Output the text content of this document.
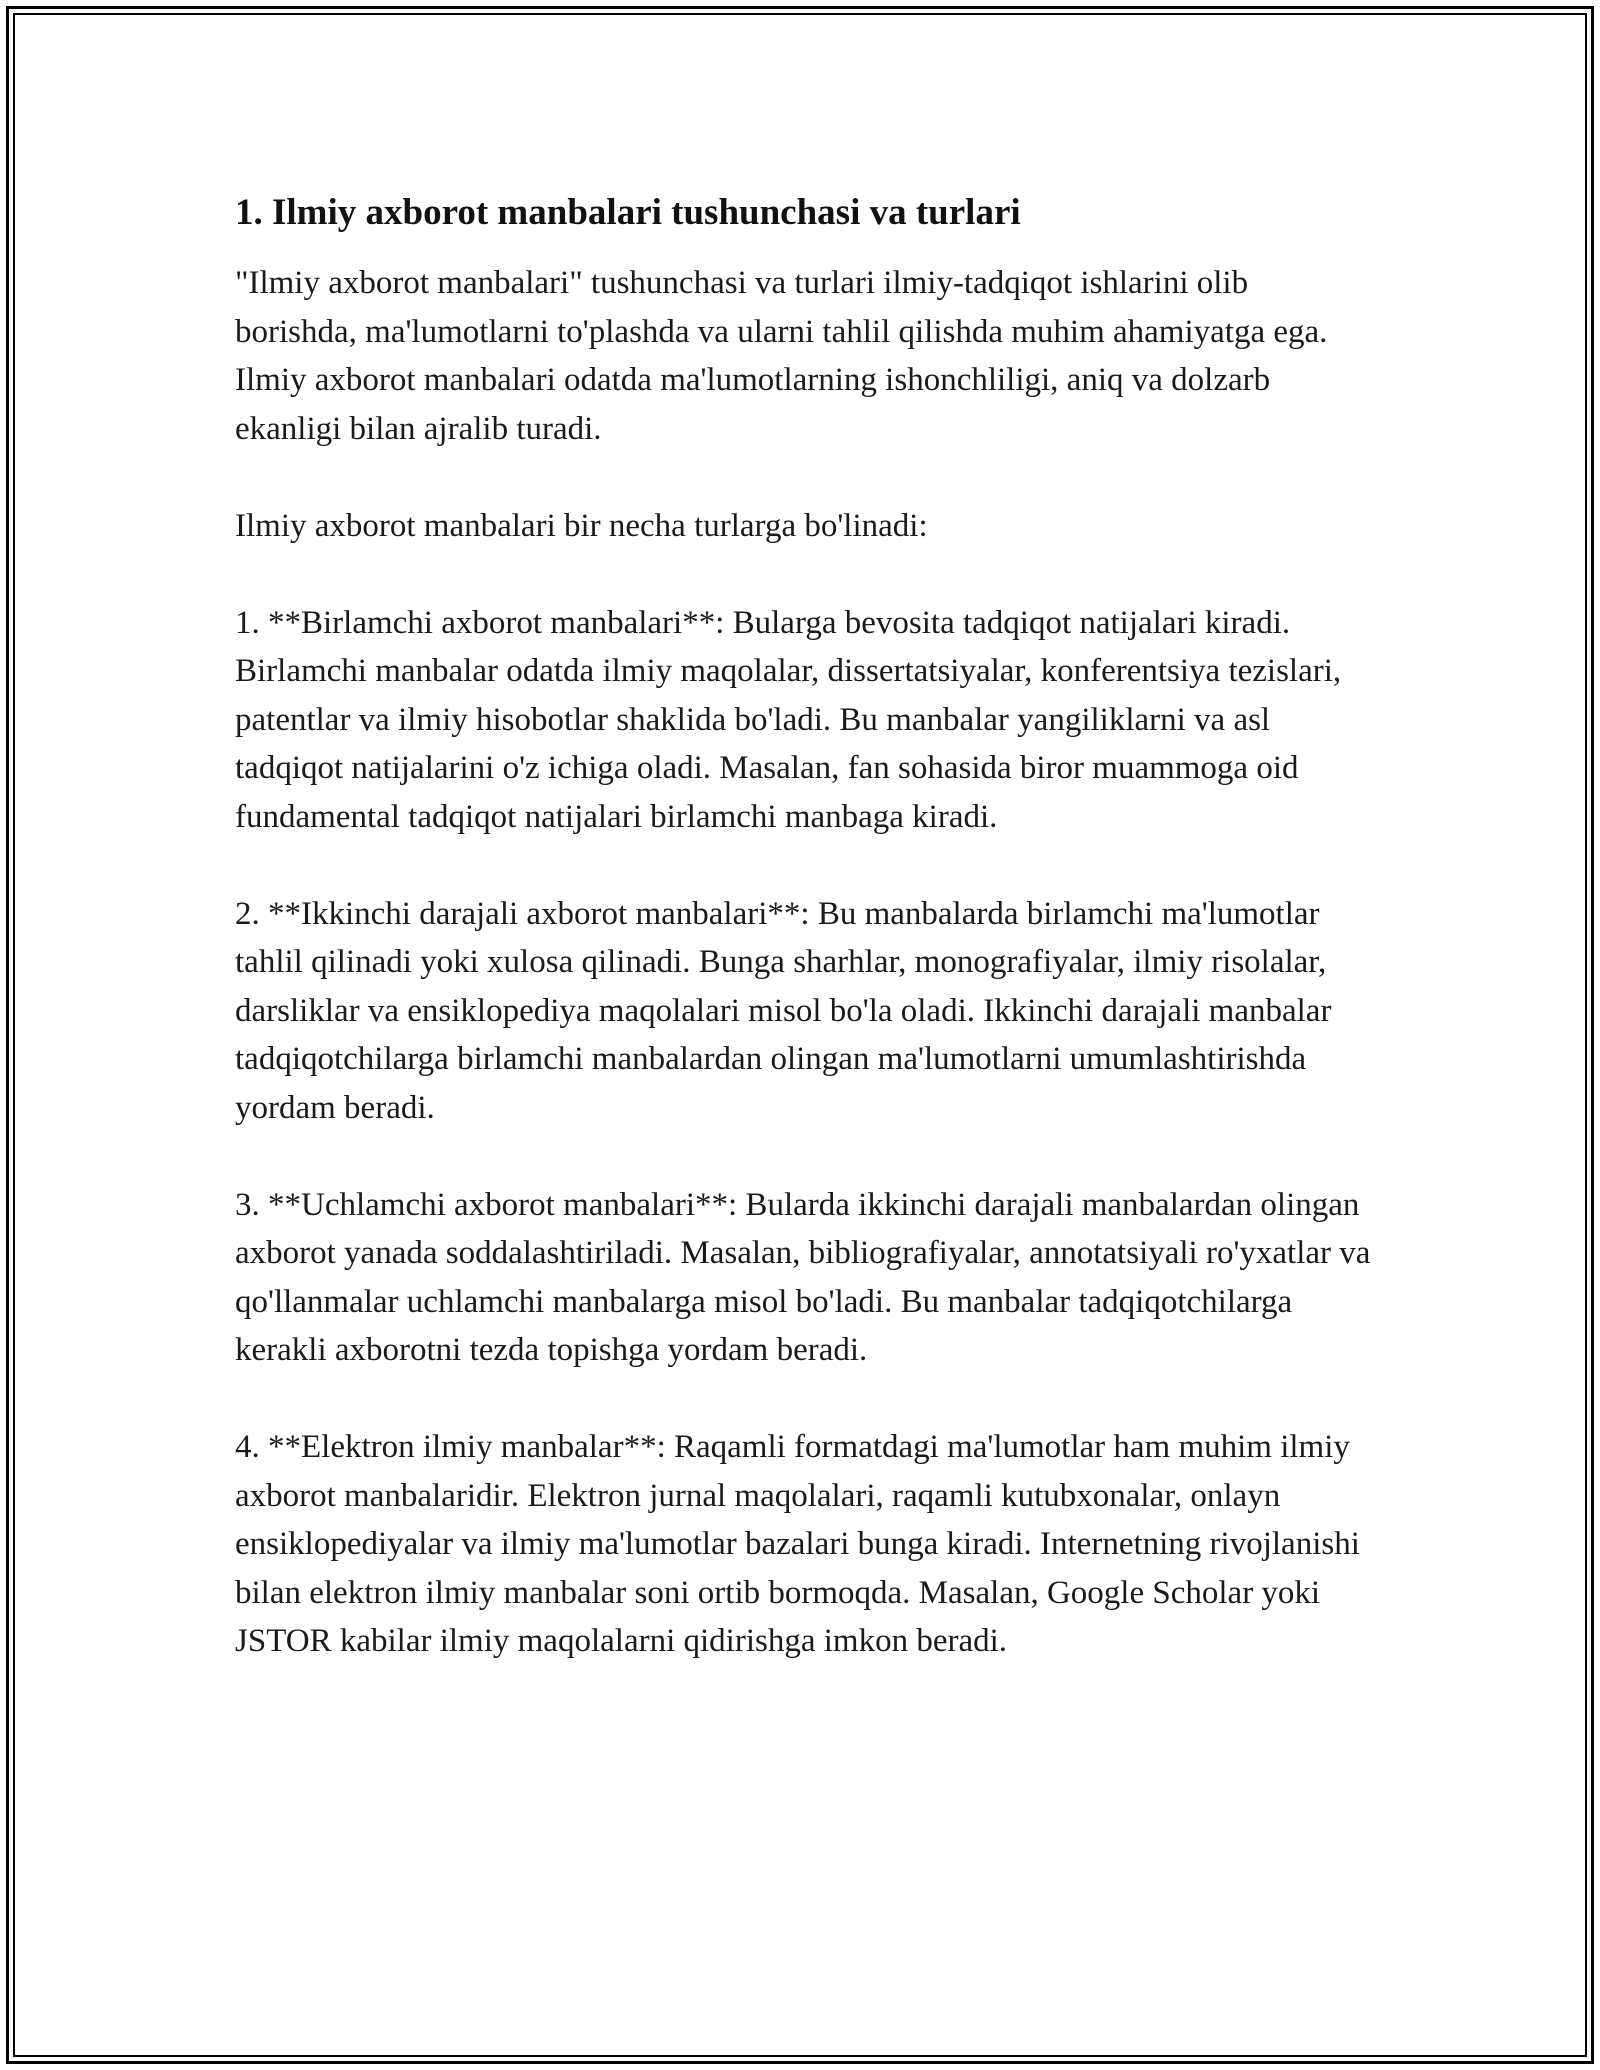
1. Ilmiy axborot manbalari tushunchasi va turlari

"Ilmiy axborot manbalari" tushunchasi va turlari ilmiy-tadqiqot ishlarini olib borishda, ma'lumotlarni to'plashda va ularni tahlil qilishda muhim ahamiyatga ega. Ilmiy axborot manbalari odatda ma'lumotlarning ishonchliligi, aniq va dolzarb ekanligi bilan ajralib turadi.

Ilmiy axborot manbalari bir necha turlarga bo'linadi:

1. **Birlamchi axborot manbalari**: Bularga bevosita tadqiqot natijalari kiradi. Birlamchi manbalar odatda ilmiy maqolalar, dissertatsiyalar, konferentsiya tezislari, patentlar va ilmiy hisobotlar shaklida bo'ladi. Bu manbalar yangiliklarni va asl tadqiqot natijalarini o'z ichiga oladi. Masalan, fan sohasida biror muammoga oid fundamental tadqiqot natijalari birlamchi manbaga kiradi.

2. **Ikkinchi darajali axborot manbalari**: Bu manbalarda birlamchi ma'lumotlar tahlil qilinadi yoki xulosa qilinadi. Bunga sharhlar, monografiyalar, ilmiy risolalar, darsliklar va ensiklopediya maqolalari misol bo'la oladi. Ikkinchi darajali manbalar tadqiqotchilarga birlamchi manbalardan olingan ma'lumotlarni umumlashtirishda yordam beradi.

3. **Uchlamchi axborot manbalari**: Bularda ikkinchi darajali manbalardan olingan axborot yanada soddalashtiriladi. Masalan, bibliografiyalar, annotatsiyali ro'yxatlar va qo'llanmalar uchlamchi manbalarga misol bo'ladi. Bu manbalar tadqiqotchilarga kerakli axborotni tezda topishga yordam beradi.

4. **Elektron ilmiy manbalar**: Raqamli formatdagi ma'lumotlar ham muhim ilmiy axborot manbalaridir. Elektron jurnal maqolalari, raqamli kutubxonalar, onlayn ensiklopediyalar va ilmiy ma'lumotlar bazalari bunga kiradi. Internetning rivojlanishi bilan elektron ilmiy manbalar soni ortib bormoqda. Masalan, Google Scholar yoki JSTOR kabilar ilmiy maqolalarni qidirishga imkon beradi.
